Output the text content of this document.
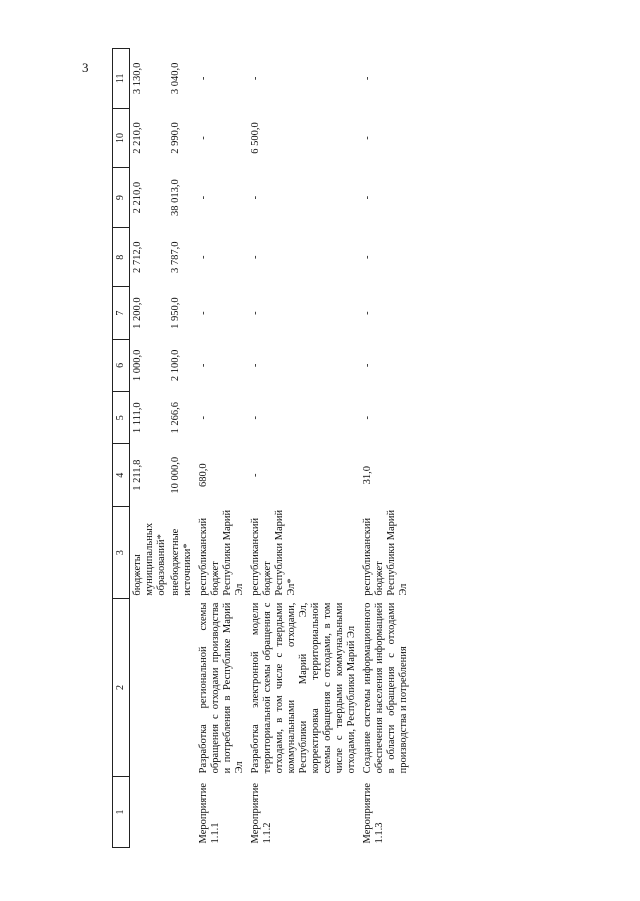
3
1	2	3	4	5	6	7	8	9	10	11
		бюджеты муниципальных образований*	1 211,8	1 111,0	1 000,0	1 200,0	2 712,0	2 210,0	2 210,0	3 130,0
		внебюджетные источники*	10 000,0	1 266,6	2 100,0	1 950,0	3 787,0	38 013,0	2 990,0	3 040,0
Мероприятие 1.1.1	Разработка региональной схемы обращения с отходами производства и потребления в Республике Марий Эл	республиканский бюджет Республики Марий Эл	680,0	-	-	-	-	-	-	-
Мероприятие 1.1.2	Разработка электронной модели территориальной схемы обращения с отходами, в том числе с твердыми коммунальными отходами, Республики Марий Эл, корректировка территориальной схемы обращения с отходами, в том числе с твердыми коммунальными отходами, Республики Марий Эл	республиканский бюджет Республики Марий Эл*	-	-	-	-	-	-	6 500,0	-
Мероприятие 1.1.3	Создание системы информационного обеспечения населения информацией в области обращения с отходами производства и потребления	республиканский бюджет Республики Марий Эл	31,0	-	-	-	-	-	-	-
